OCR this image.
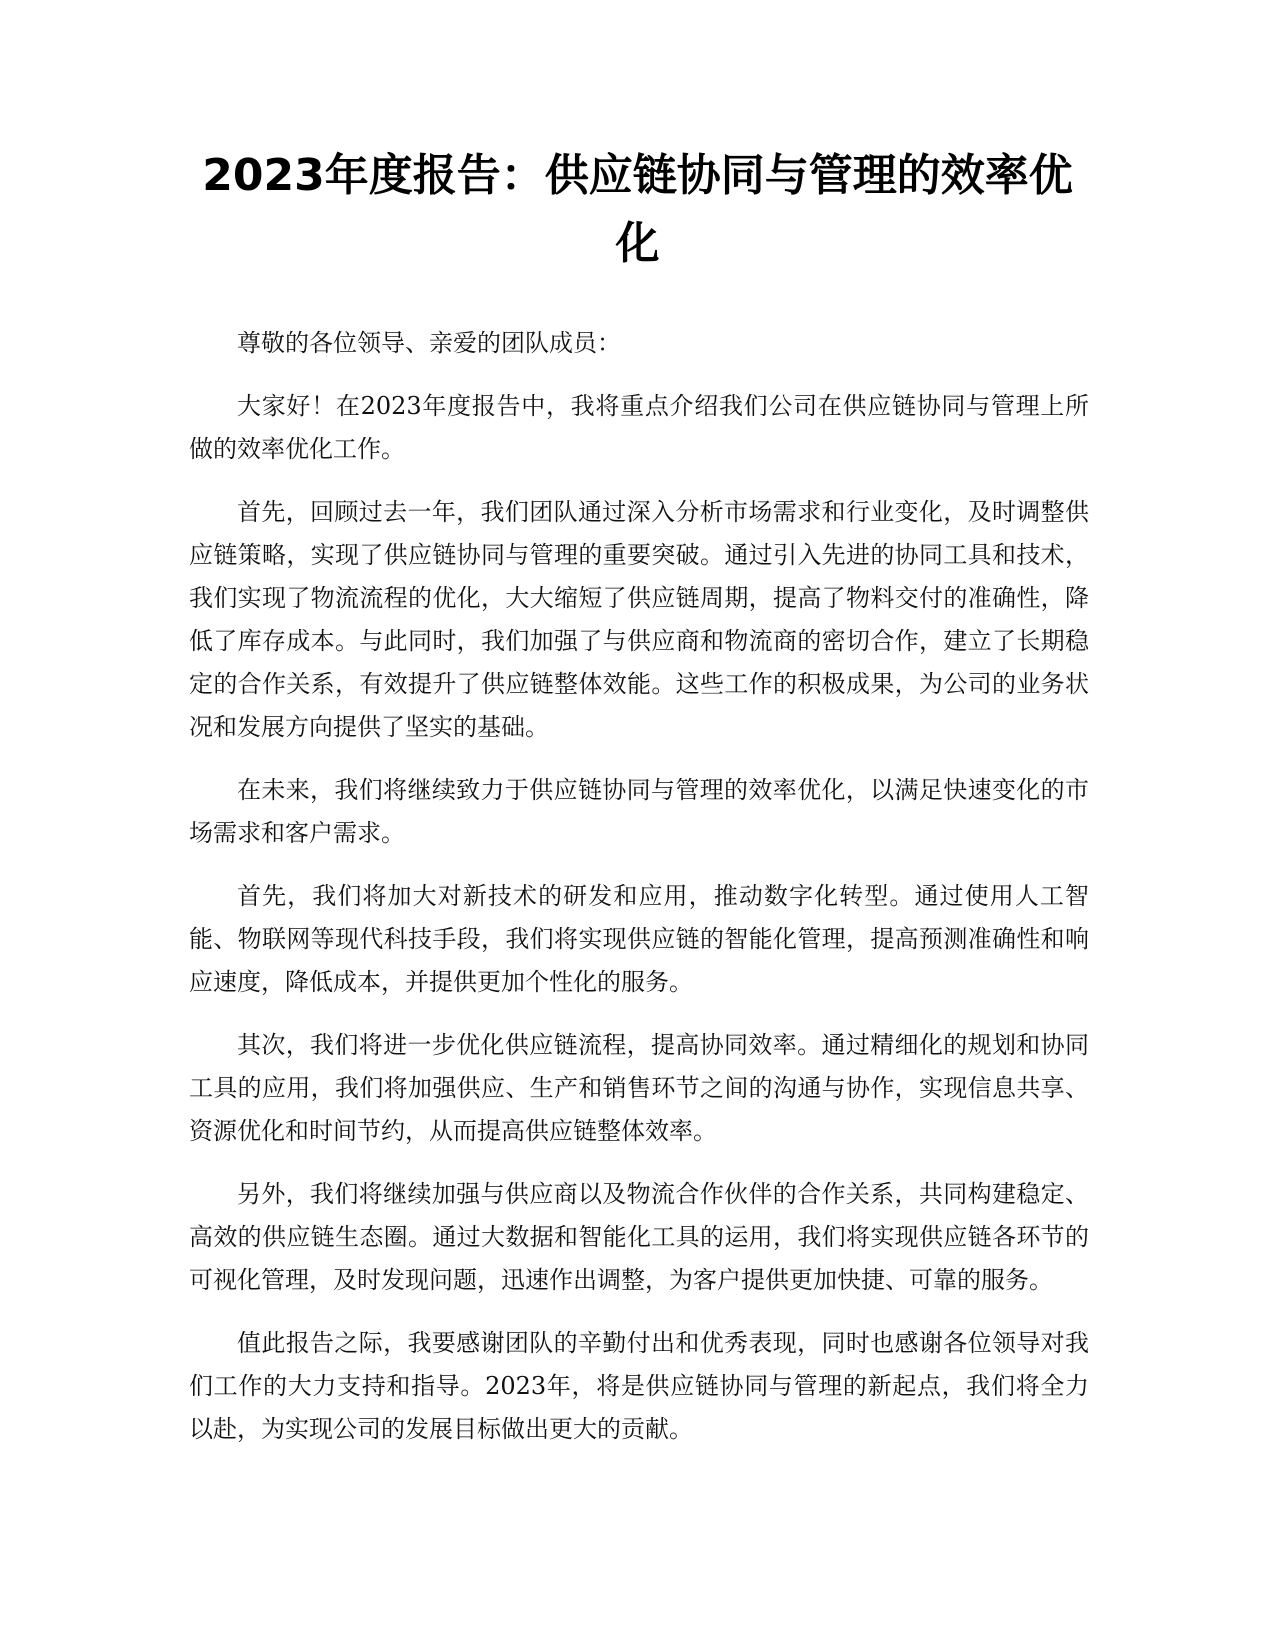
2023年度报告：供应链协同与管理的效率优化

尊敬的各位领导、亲爱的团队成员：

大家好！在2023年度报告中，我将重点介绍我们公司在供应链协同与管理上所做的效率优化工作。

首先，回顾过去一年，我们团队通过深入分析市场需求和行业变化，及时调整供应链策略，实现了供应链协同与管理的重要突破。通过引入先进的协同工具和技术，我们实现了物流流程的优化，大大缩短了供应链周期，提高了物料交付的准确性，降低了库存成本。与此同时，我们加强了与供应商和物流商的密切合作，建立了长期稳定的合作关系，有效提升了供应链整体效能。这些工作的积极成果，为公司的业务状况和发展方向提供了坚实的基础。

在未来，我们将继续致力于供应链协同与管理的效率优化，以满足快速变化的市场需求和客户需求。

首先，我们将加大对新技术的研发和应用，推动数字化转型。通过使用人工智能、物联网等现代科技手段，我们将实现供应链的智能化管理，提高预测准确性和响应速度，降低成本，并提供更加个性化的服务。

其次，我们将进一步优化供应链流程，提高协同效率。通过精细化的规划和协同工具的应用，我们将加强供应、生产和销售环节之间的沟通与协作，实现信息共享、资源优化和时间节约，从而提高供应链整体效率。

另外，我们将继续加强与供应商以及物流合作伙伴的合作关系，共同构建稳定、高效的供应链生态圈。通过大数据和智能化工具的运用，我们将实现供应链各环节的可视化管理，及时发现问题，迅速作出调整，为客户提供更加快捷、可靠的服务。

值此报告之际，我要感谢团队的辛勤付出和优秀表现，同时也感谢各位领导对我们工作的大力支持和指导。2023年，将是供应链协同与管理的新起点，我们将全力以赴，为实现公司的发展目标做出更大的贡献。
